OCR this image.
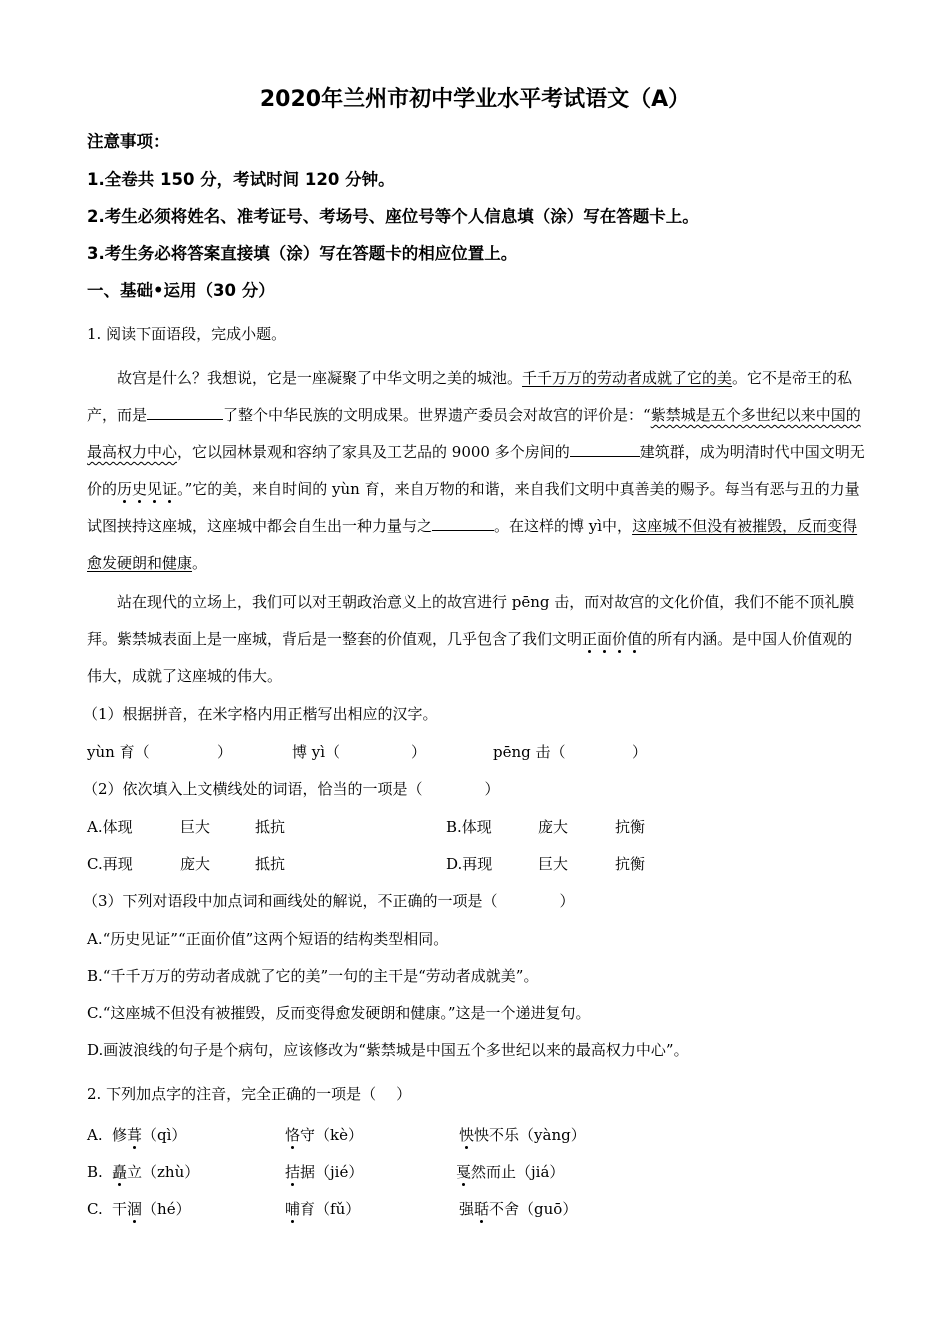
2020年兰州市初中学业水平考试语文（A）
注意事项：
1.全卷共 150 分，考试时间 120 分钟。
2.考生必须将姓名、准考证号、考场号、座位号等个人信息填（涂）写在答题卡上。
3.考生务必将答案直接填（涂）写在答题卡的相应位置上。
一、基础•运用（30 分）
1. 阅读下面语段，完成小题。
故宫是什么？我想说，它是一座凝聚了中华文明之美的城池。千千万万的劳动者成就了它的美。它不是帝王的私产，而是	了整个中华民族的文明成果。世界遗产委员会对故宫的评价是：“紫禁城是五个多世纪以来中国的最高权力中心，它以园林景观和容纳了家具及工艺品的 9000 多个房间的	建筑群，成为明清时代中国文明无价的历史见证。”它的美，来自时间的 yùn 育，来自万物的和谐，来自我们文明中真善美的赐予。每当有恶与丑的力量试图挟持这座城，这座城中都会自生出一种力量与之	。在这样的博 yì中，这座城不但没有被摧毁，反而变得愈发硬朗和健康。
站在现代的立场上，我们可以对王朝政治意义上的故宫进行 pēng 击，而对故宫的文化价值，我们不能不顶礼膜拜。紫禁城表面上是一座城，背后是一整套的价值观，几乎包含了我们文明正面价值的所有内涵。是中国人价值观的伟大，成就了这座城的伟大。
（1）根据拼音，在米字格内用正楷写出相应的汉字。
yùn 育（	）	博 yì（	）	pēng 击（	）
（2）依次填入上文横线处的词语，恰当的一项是（	）
A.体现	巨大	抵抗	B.体现	庞大	抗衡
C.再现	庞大	抵抗	D.再现	巨大	抗衡
（3）下列对语段中加点词和画线处的解说，不正确的一项是（	）
A.“历史见证”“正面价值”这两个短语的结构类型相同。
B.“千千万万的劳动者成就了它的美”一句的主干是“劳动者成就美”。
C.“这座城不但没有被摧毁，反而变得愈发硬朗和健康。”这是一个递进复句。
D.画波浪线的句子是个病句，应该修改为“紫禁城是中国五个多世纪以来的最高权力中心”。
2. 下列加点字的注音，完全正确的一项是（ ）
A. 修葺（qì）	恪守（kè）	怏怏不乐（yàng）
B. 矗立（zhù）	拮据（jié）	戛然而止（jiá）
C. 干涸（hé）	哺育（fǔ）	强聒不舍（guō）
